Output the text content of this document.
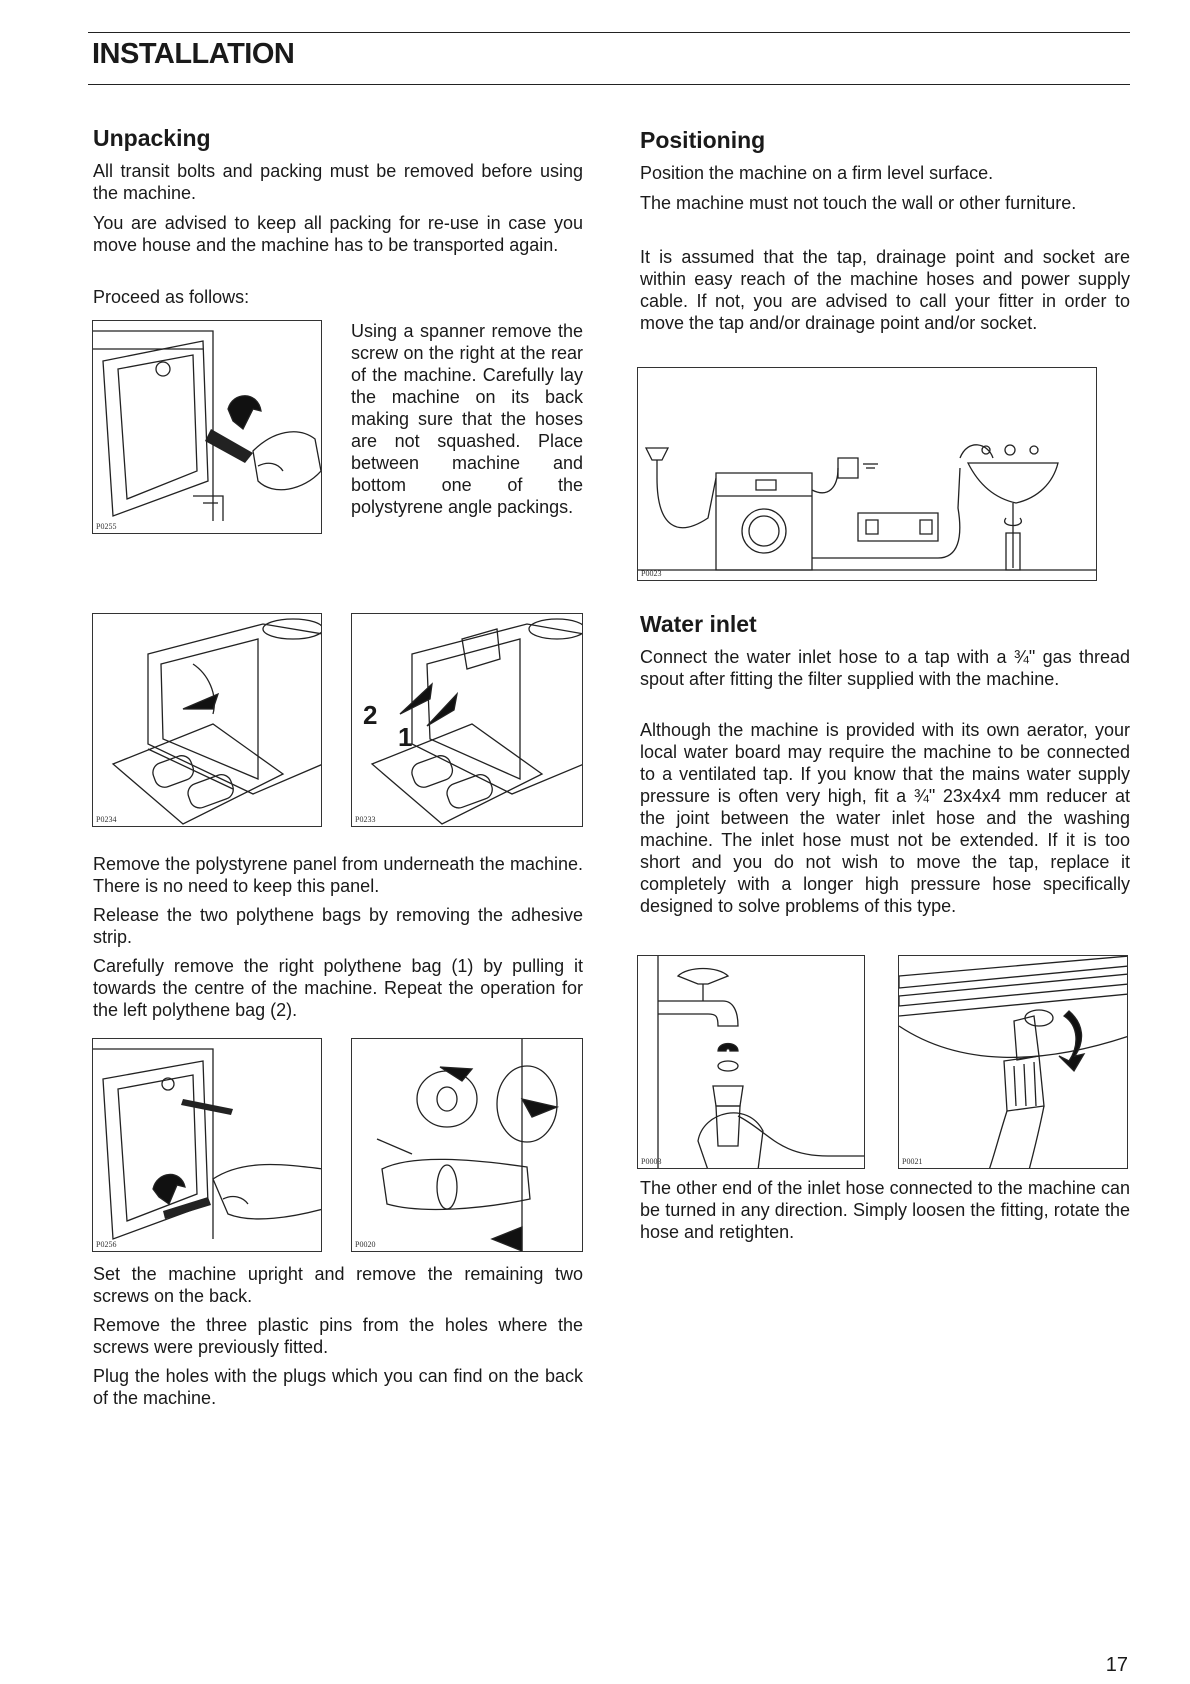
INSTALLATION
Unpacking

All transit bolts and packing must be removed before using the machine.

You are advised to keep all packing for re-use in case you move house and the machine has to be transported again.

Proceed as follows:

P0255

Using a spanner remove the screw on the right at the rear of the machine. Carefully lay the machine on its back making sure that the hoses are not squashed. Place between machine and bottom one of the polystyrene angle packings.

P0234
2
1
P0233

Remove the polystyrene panel from underneath the machine. There is no need to keep this panel.

Release the two polythene bags by removing the adhesive strip.

Carefully remove the right polythene bag (1) by pulling it towards the centre of the machine. Repeat the operation for the left polythene bag (2).

P0256	P0020

Set the machine upright and remove the remaining two screws on the back.

Remove the three plastic pins from the holes where the screws were previously fitted.

Plug the holes with the plugs which you can find on the back of the machine.

Positioning

Position the machine on a firm level surface.

The machine must not touch the wall or other furniture.

It is assumed that the tap, drainage point and socket are within easy reach of the machine hoses and power supply cable. If not, you are advised to call your fitter in order to move the tap and/or drainage point and/or socket.

P0023
Water inlet

Connect the water inlet hose to a tap with a ¾" gas thread spout after fitting the filter supplied with the machine.

Although the machine is provided with its own aerator, your local water board may require the machine to be connected to a ventilated tap. If you know that the mains water supply pressure is often very high, fit a ¾" 23x4x4 mm reducer at the joint between the water inlet hose and the washing machine. The inlet hose must not be extended. If it is too short and you do not wish to move the tap, replace it completely with a longer high pressure hose specifically designed to solve problems of this type.

P0003	P0021

The other end of the inlet hose connected to the machine can be turned in any direction. Simply loosen the fitting, rotate the hose and retighten.

17
